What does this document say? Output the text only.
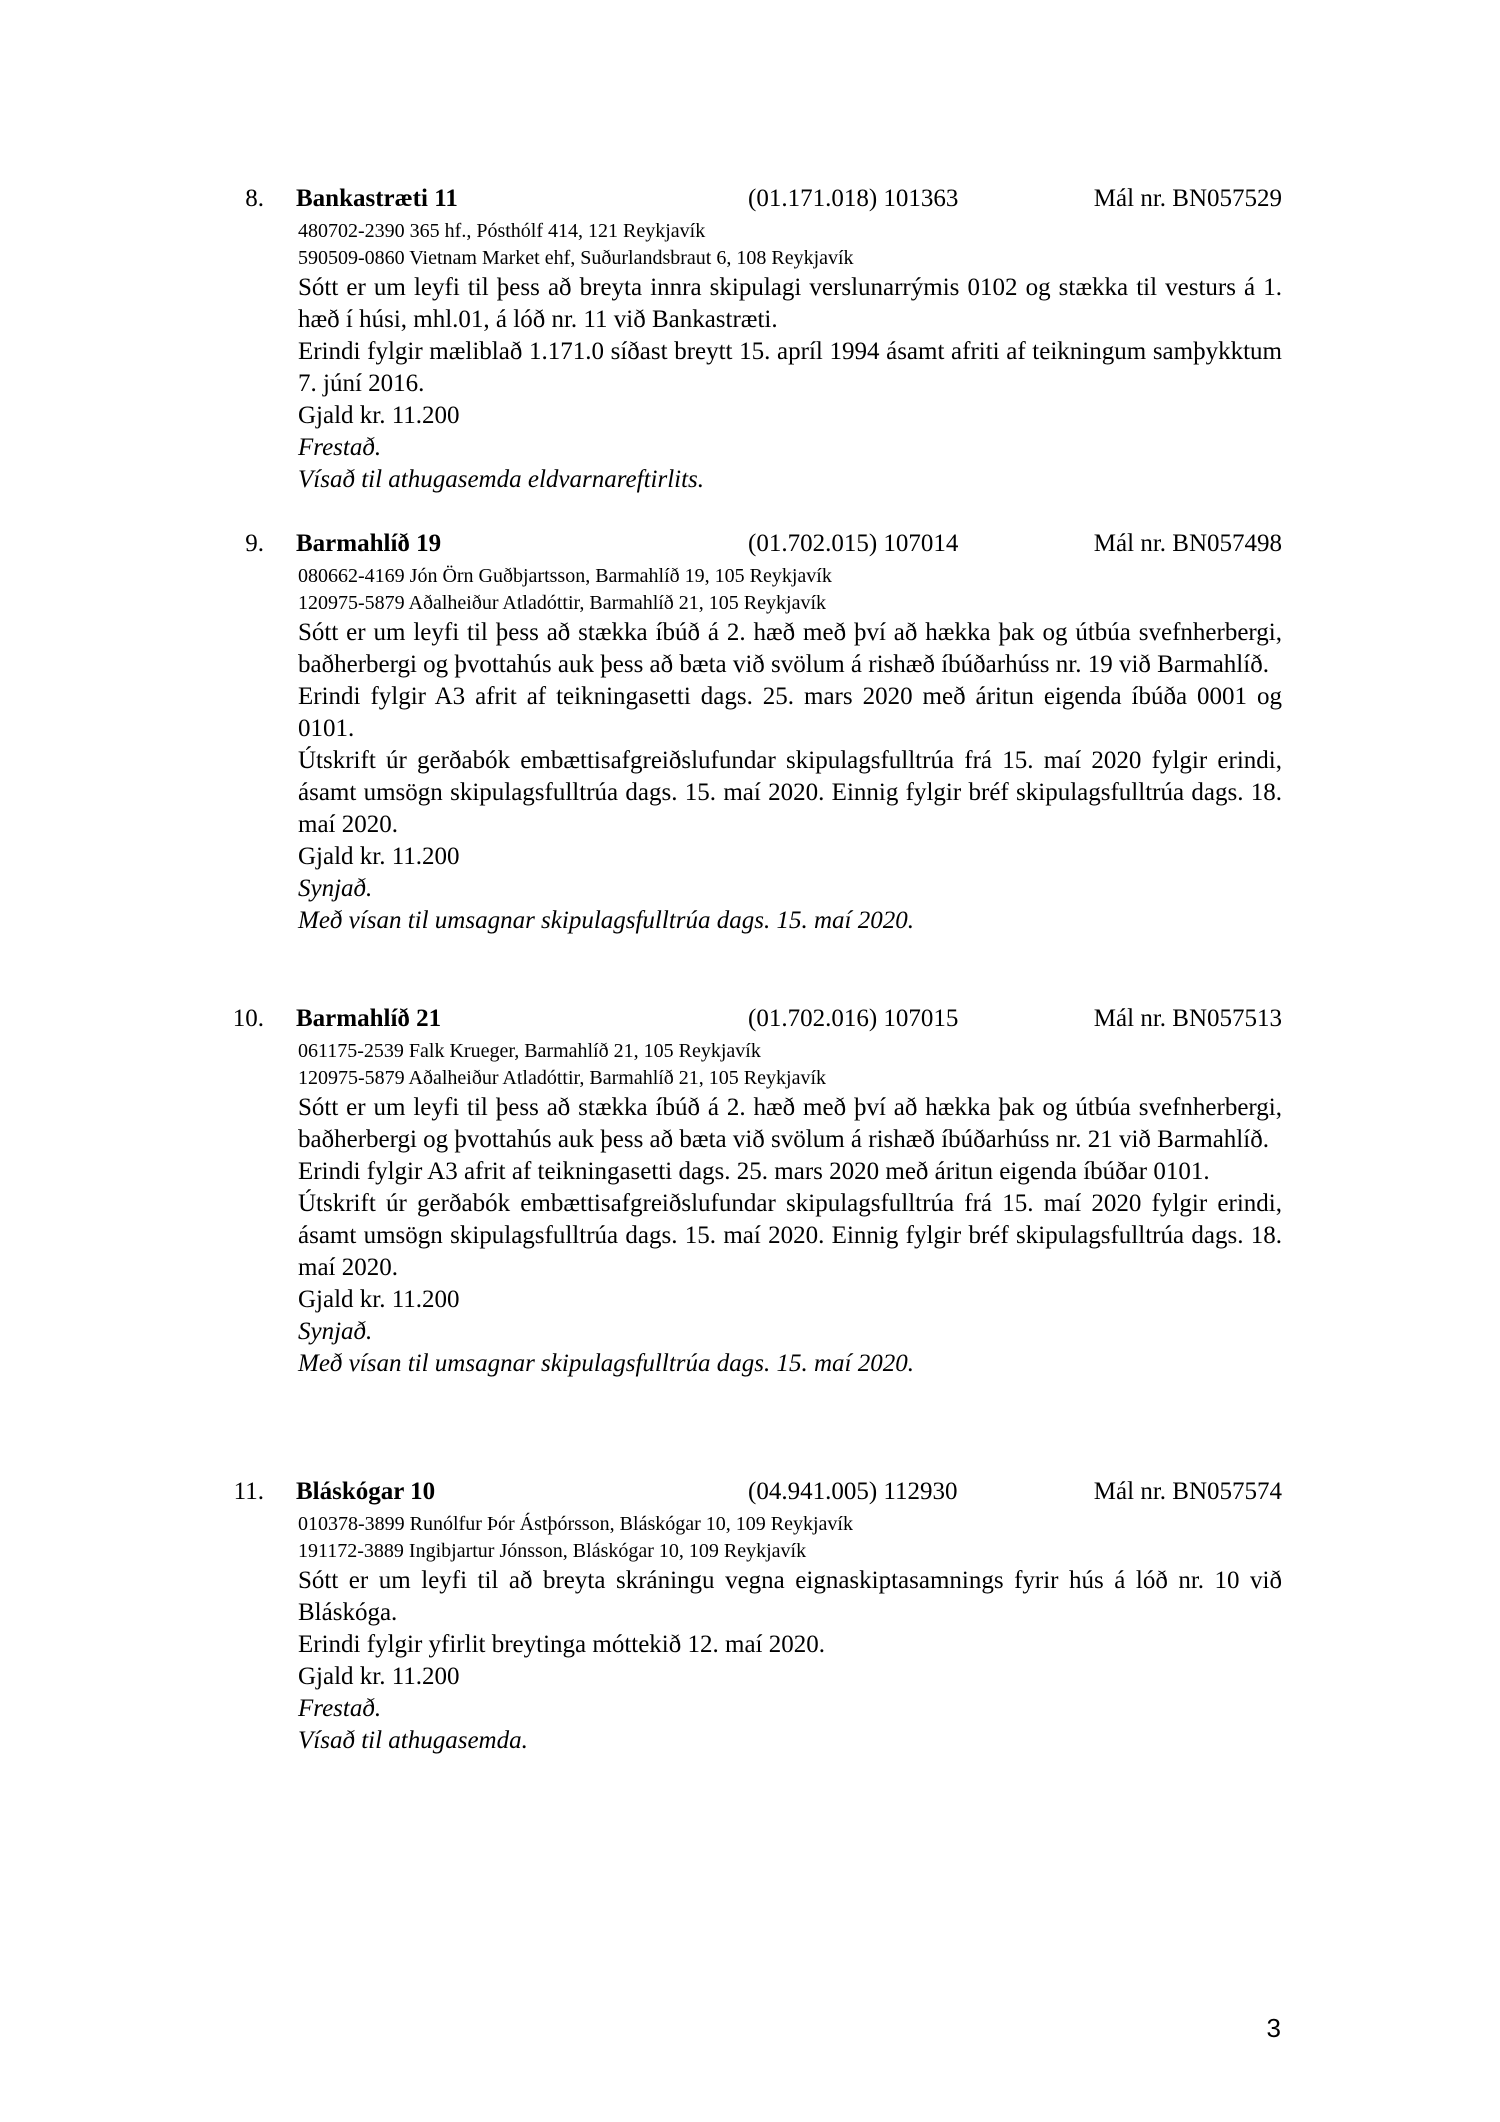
8. Bankastræti 11	(01.171.018) 101363	Mál nr. BN057529
480702-2390 365 hf., Pósthólf 414, 121 Reykjavík
590509-0860 Vietnam Market ehf, Suðurlandsbraut 6, 108 Reykjavík
Sótt er um leyfi til þess að breyta innra skipulagi verslunarrýmis 0102 og stækka til vesturs á 1. hæð í húsi, mhl.01, á lóð nr. 11 við Bankastræti.
Erindi fylgir mæliblað 1.171.0 síðast breytt 15. apríl 1994 ásamt afriti af teikningum samþykktum 7. júní 2016.
Gjald kr. 11.200
Frestað.
Vísað til athugasemda eldvarnareftirlits.
9. Barmahlíð 19	(01.702.015) 107014	Mál nr. BN057498
080662-4169 Jón Örn Guðbjartsson, Barmahlíð 19, 105 Reykjavík
120975-5879 Aðalheiður Atladóttir, Barmahlíð 21, 105 Reykjavík
Sótt er um leyfi til þess að stækka íbúð á 2. hæð með því að hækka þak og útbúa svefnherbergi, baðherbergi og þvottahús auk þess að bæta við svölum á rishæð íbúðarhúss nr. 19 við Barmahlíð.
Erindi fylgir A3 afrit af teikningasetti dags. 25. mars 2020 með áritun eigenda íbúða 0001 og 0101.
Útskrift úr gerðabók embættisafgreiðslufundar skipulagsfulltrúa frá 15. maí 2020 fylgir erindi, ásamt umsögn skipulagsfulltrúa dags. 15. maí 2020. Einnig fylgir bréf skipulagsfulltrúa dags. 18. maí 2020.
Gjald kr. 11.200
Synjað.
Með vísan til umsagnar skipulagsfulltrúa dags. 15. maí 2020.
10. Barmahlíð 21	(01.702.016) 107015	Mál nr. BN057513
061175-2539 Falk Krueger, Barmahlíð 21, 105 Reykjavík
120975-5879 Aðalheiður Atladóttir, Barmahlíð 21, 105 Reykjavík
Sótt er um leyfi til þess að stækka íbúð á 2. hæð með því að hækka þak og útbúa svefnherbergi, baðherbergi og þvottahús auk þess að bæta við svölum á rishæð íbúðarhúss nr. 21 við Barmahlíð.
Erindi fylgir A3 afrit af teikningasetti dags. 25. mars 2020 með áritun eigenda íbúðar 0101.
Útskrift úr gerðabók embættisafgreiðslufundar skipulagsfulltrúa frá 15. maí 2020 fylgir erindi, ásamt umsögn skipulagsfulltrúa dags. 15. maí 2020. Einnig fylgir bréf skipulagsfulltrúa dags. 18. maí 2020.
Gjald kr. 11.200
Synjað.
Með vísan til umsagnar skipulagsfulltrúa dags. 15. maí 2020.
11. Bláskógar 10	(04.941.005) 112930	Mál nr. BN057574
010378-3899 Runólfur Þór Ástþórsson, Bláskógar 10, 109 Reykjavík
191172-3889 Ingibjartur Jónsson, Bláskógar 10, 109 Reykjavík
Sótt er um leyfi til að breyta skráningu vegna eignaskiptasamnings fyrir hús á lóð nr. 10 við Bláskóga.
Erindi fylgir yfirlit breytinga móttekið 12. maí 2020.
Gjald kr. 11.200
Frestað.
Vísað til athugasemda.
3
